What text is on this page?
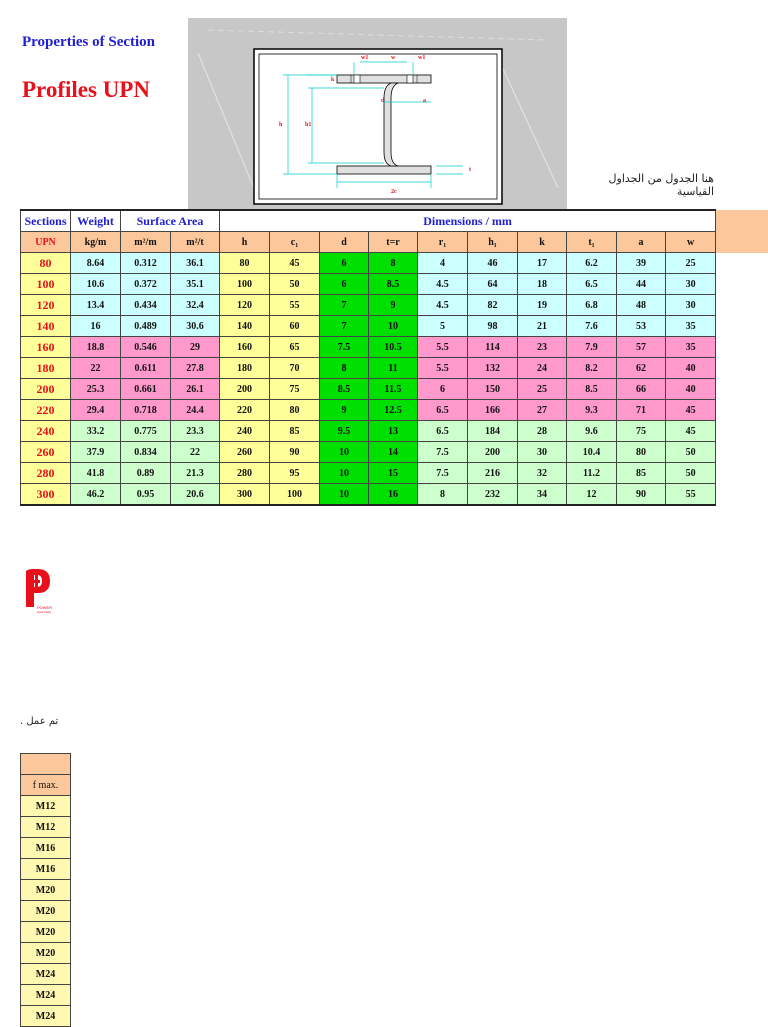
Properties of Section
Profiles UPN
w1	w	w1
h	h1
k
d	a
t
2c
هنا الجدول من الجداول القياسية
Sections	Weight	Surface Area		Dimensions / mm									
UPN	kg/m	m²/m	m²/t	h	c₁	d	t=r	r₁	h₁	k	t₁	a	w
80	8.64	0.312	36.1	80	45	6	8	4	46	17	6.2	39	25
100	10.6	0.372	35.1	100	50	6	8.5	4.5	64	18	6.5	44	30
120	13.4	0.434	32.4	120	55	7	9	4.5	82	19	6.8	48	30
140	16	0.489	30.6	140	60	7	10	5	98	21	7.6	53	35
160	18.8	0.546	29	160	65	7.5	10.5	5.5	114	23	7.9	57	35
180	22	0.611	27.8	180	70	8	11	5.5	132	24	8.2	62	40
200	25.3	0.661	26.1	200	75	8.5	11.5	6	150	25	8.5	66	40
220	29.4	0.718	24.4	220	80	9	12.5	6.5	166	27	9.3	71	45
240	33.2	0.775	23.3	240	85	9.5	13	6.5	184	28	9.6	75	45
260	37.9	0.834	22	260	90	10	14	7.5	200	30	10.4	80	50
280	41.8	0.89	21.3	280	95	10	15	7.5	216	32	11.2	85	50
300	46.2	0.95	20.6	300	100	10	16	8	232	34	12	90	55
POWER
steel trade
تم عمل .

f max.
M12
M12
M16
M16
M20
M20
M20
M20
M24
M24
M24
